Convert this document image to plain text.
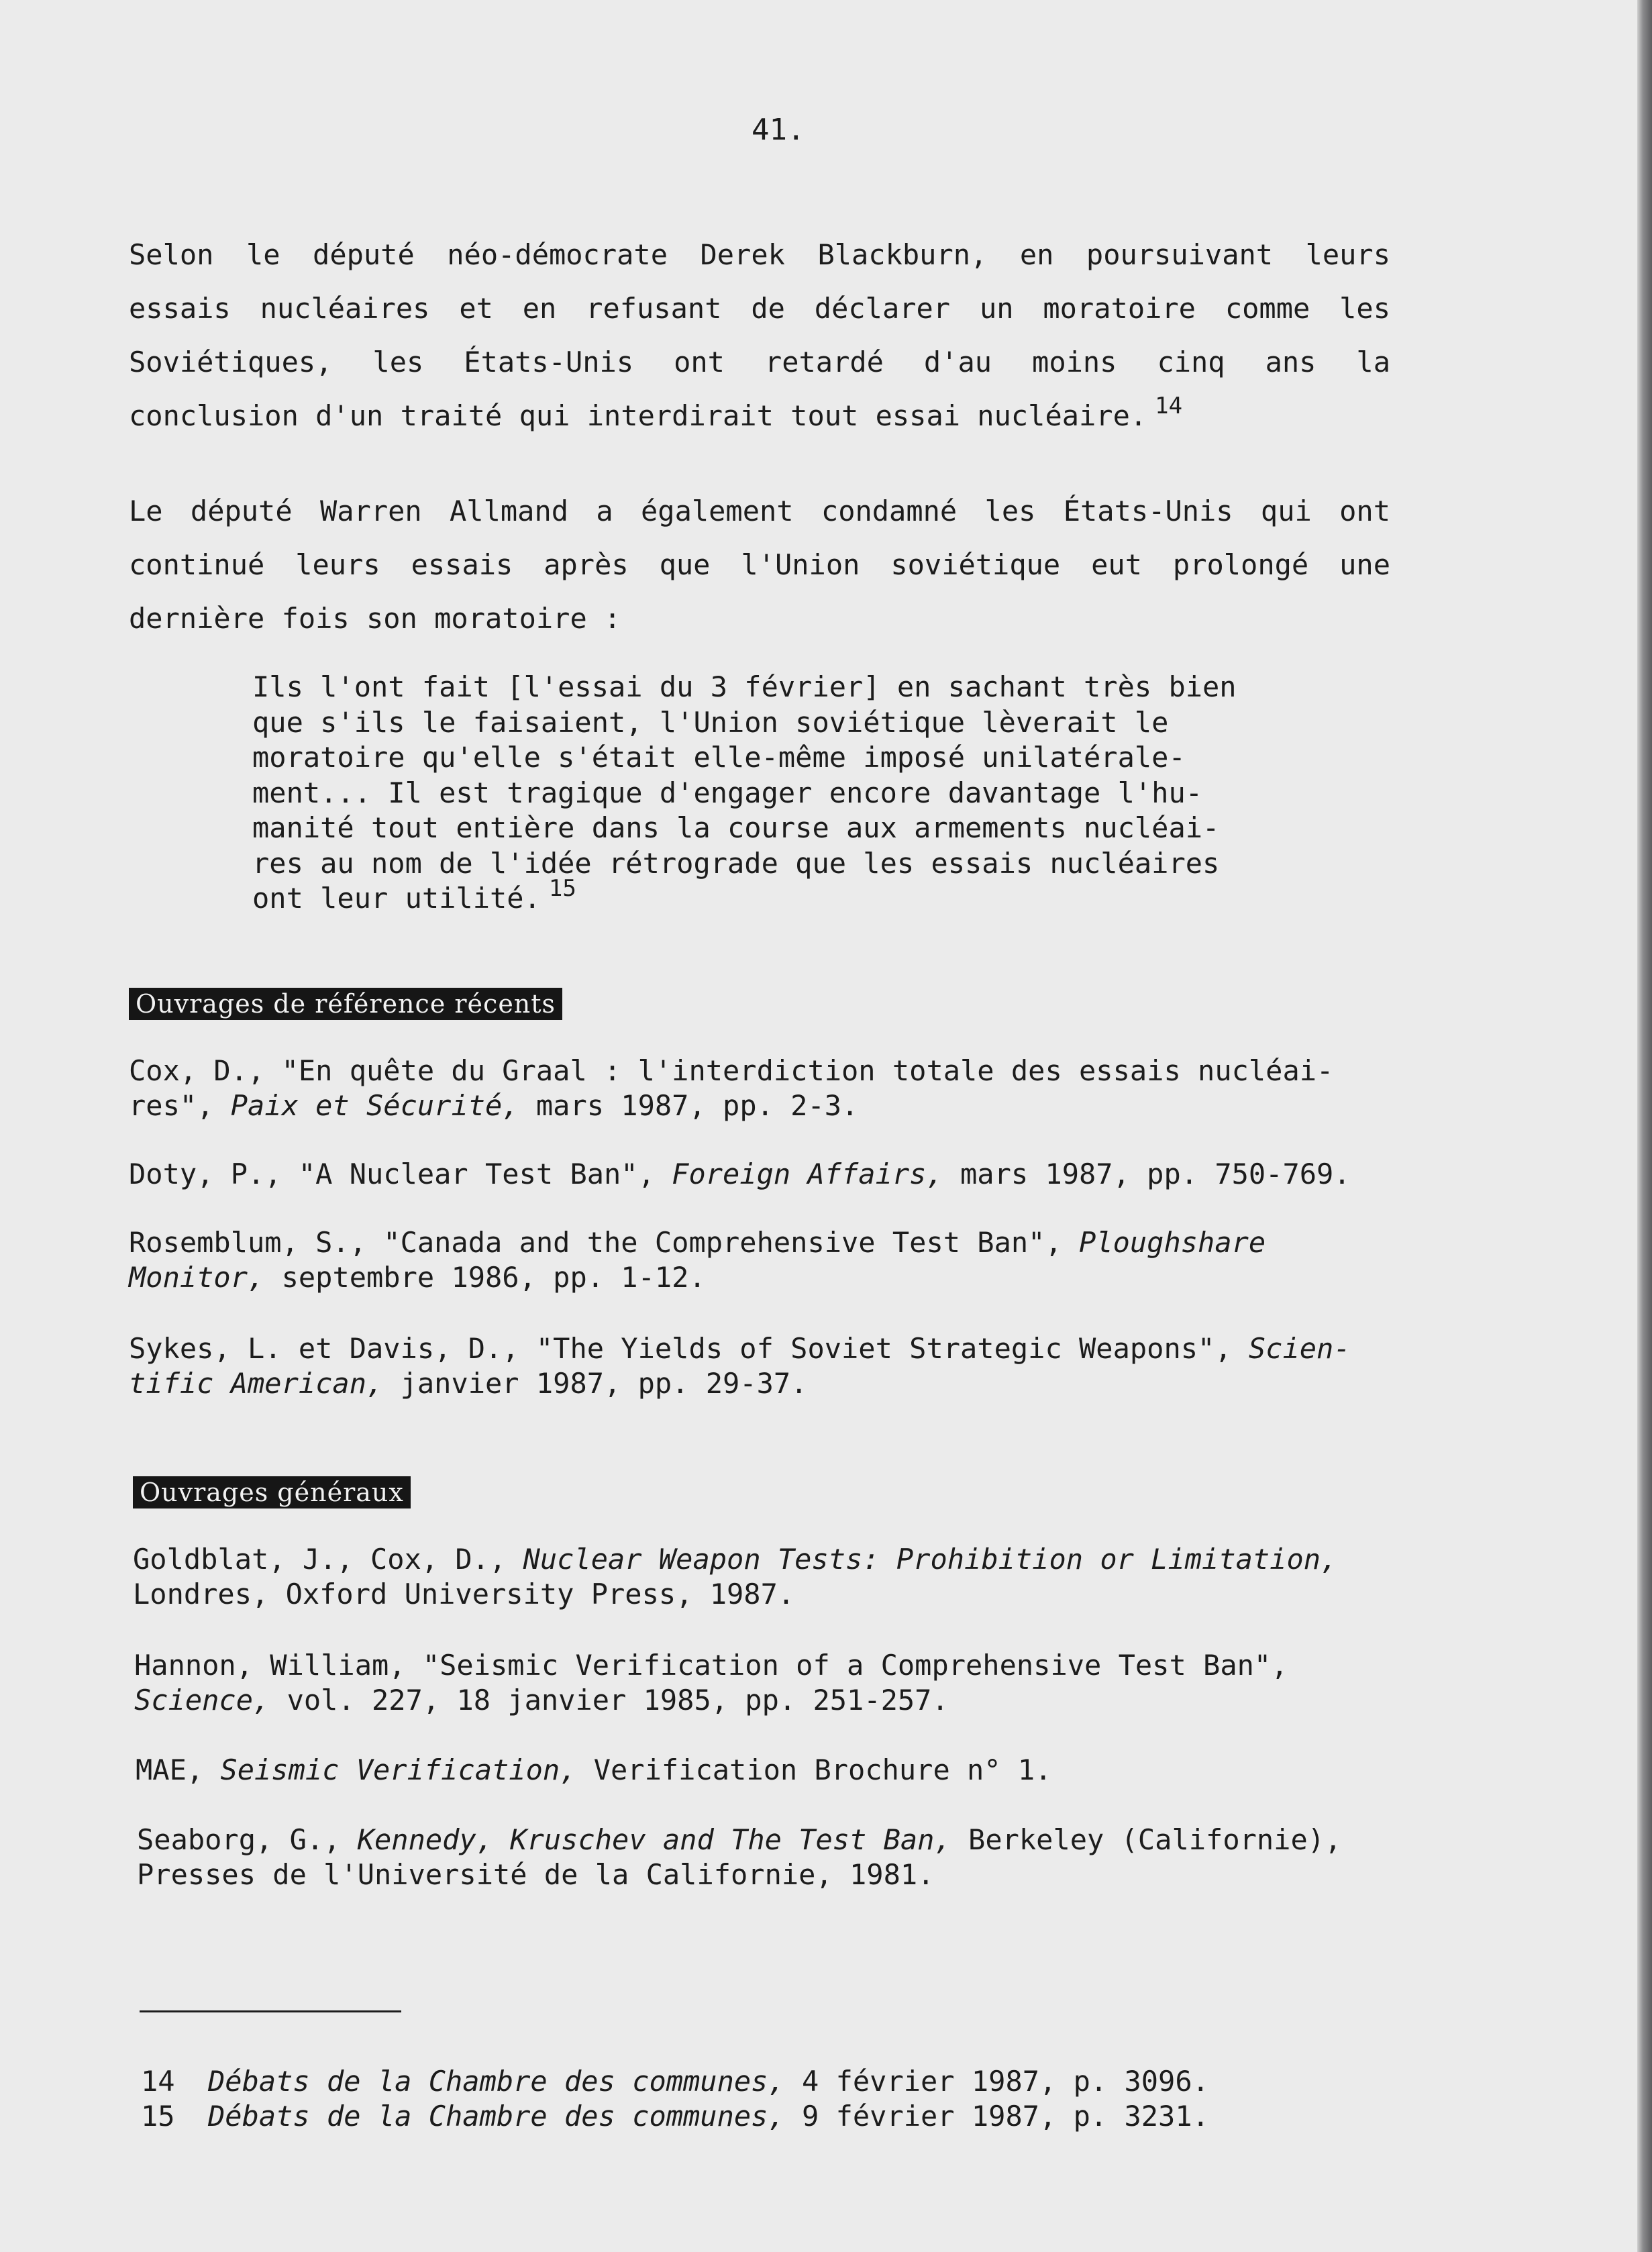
41.
Selon le député néo-démocrate Derek Blackburn, en poursuivant leurs
essais nucléaires et en refusant de déclarer un moratoire comme les
Soviétiques, les États-Unis ont retardé d'au moins cinq ans la
conclusion d'un traité qui interdirait tout essai nucléaire. $^{14}$
Le député Warren Allmand a également condamné les États-Unis qui ont
continué leurs essais après que l'Union soviétique eut prolongé une
dernière fois son moratoire :
Ils l'ont fait [l'essai du 3 février] en sachant très bien
que s'ils le faisaient, l'Union soviétique lèverait le
moratoire qu'elle s'était elle-même imposé unilatérale-
ment... Il est tragique d'engager encore davantage l'hu-
manité tout entière dans la course aux armements nucléai-
res au nom de l'idée rétrograde que les essais nucléaires
ont leur utilité. $^{15}$
Ouvrages de référence récents
Cox, D., "En quête du Graal : l'interdiction totale des essais nucléai-
res", Paix et Sécurité, mars 1987, pp. 2-3.
Doty, P., "A Nuclear Test Ban", Foreign Affairs, mars 1987, pp. 750-769.
Rosemblum, S., "Canada and the Comprehensive Test Ban", Ploughshare
Monitor, septembre 1986, pp. 1-12.
Sykes, L. et Davis, D., "The Yields of Soviet Strategic Weapons", Scien-
tific American, janvier 1987, pp. 29-37.
Ouvrages généraux
Goldblat, J., Cox, D., Nuclear Weapon Tests: Prohibition or Limitation,
Londres, Oxford University Press, 1987.
Hannon, William, "Seismic Verification of a Comprehensive Test Ban",
Science, vol. 227, 18 janvier 1985, pp. 251-257.
MAE, Seismic Verification, Verification Brochure n° 1.
Seaborg, G., Kennedy, Kruschev and The Test Ban, Berkeley (Californie),
Presses de l'Université de la Californie, 1981.
14 Débats de la Chambre des communes, 4 février 1987, p. 3096.
15 Débats de la Chambre des communes, 9 février 1987, p. 3231.
